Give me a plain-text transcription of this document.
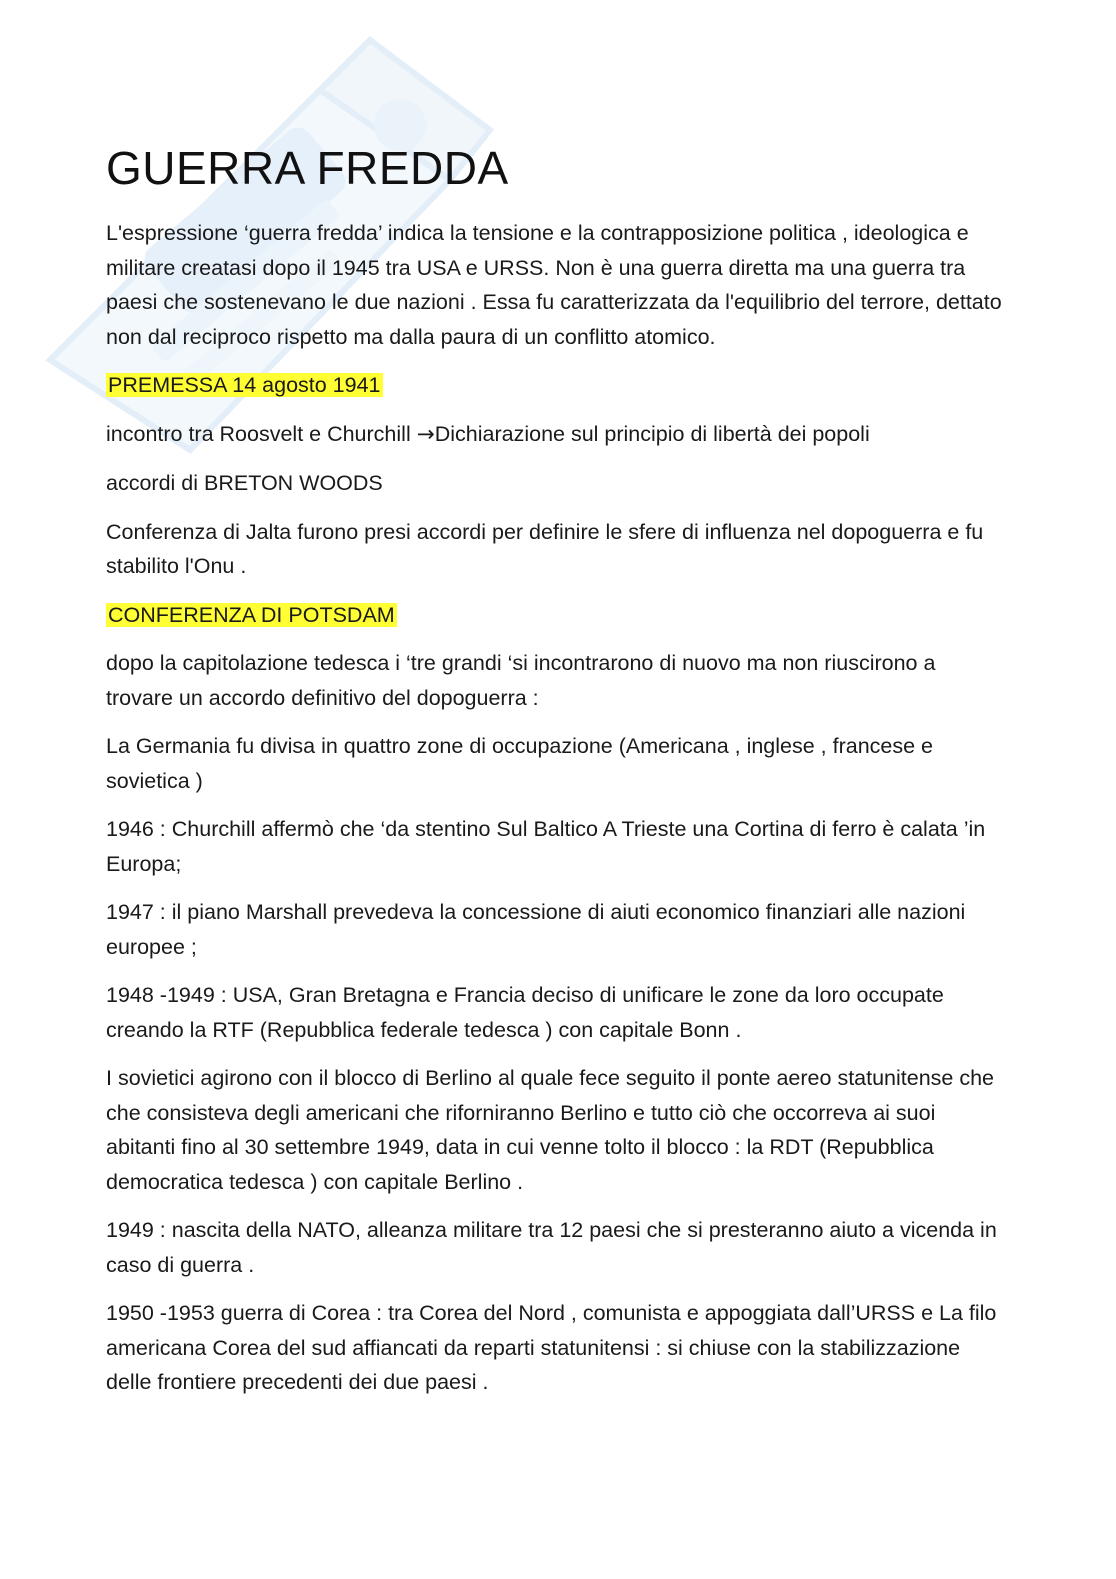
GUERRA FREDDA

L'espressione ‘guerra fredda’ indica la tensione e la contrapposizione politica , ideologica e militare creatasi dopo il 1945 tra USA e URSS. Non è una guerra diretta ma una guerra tra paesi che sostenevano le due nazioni . Essa fu caratterizzata da l'equilibrio del terrore, dettato non dal reciproco rispetto ma dalla paura di un conflitto atomico.

PREMESSA 14 agosto 1941

incontro tra Roosvelt e Churchill →Dichiarazione sul principio di libertà dei popoli

accordi di BRETON WOODS

Conferenza di Jalta furono presi accordi per definire le sfere di influenza nel dopoguerra e fu stabilito l'Onu .

CONFERENZA DI POTSDAM

dopo la capitolazione tedesca i ‘tre grandi ‘si incontrarono di nuovo ma non riuscirono a trovare un accordo definitivo del dopoguerra :

La Germania fu divisa in quattro zone di occupazione (Americana , inglese , francese e sovietica )

1946 : Churchill affermò che ‘da stentino Sul Baltico A Trieste una Cortina di ferro è calata ’in Europa;

1947 : il piano Marshall prevedeva la concessione di aiuti economico finanziari alle nazioni europee ;

1948 -1949 : USA, Gran Bretagna e Francia deciso di unificare le zone da loro occupate creando la RTF (Repubblica federale tedesca ) con capitale Bonn .

I sovietici agirono con il blocco di Berlino al quale fece seguito il ponte aereo statunitense che che consisteva degli americani che rifornirannо Berlino e tutto ciò che occorreva ai suoi abitanti fino al 30 settembre 1949, data in cui venne tolto il blocco : la RDT (Repubblica democratica tedesca ) con capitale Berlino .

1949 : nascita della NATO, alleanza militare tra 12 paesi che si presteranno aiuto a vicenda in caso di guerra .

1950 -1953 guerra di Corea : tra Corea del Nord , comunista e appoggiata dall’URSS e La filo americana Corea del sud affiancati da reparti statunitensi : si chiuse con la stabilizzazione delle frontiere precedenti dei due paesi .
